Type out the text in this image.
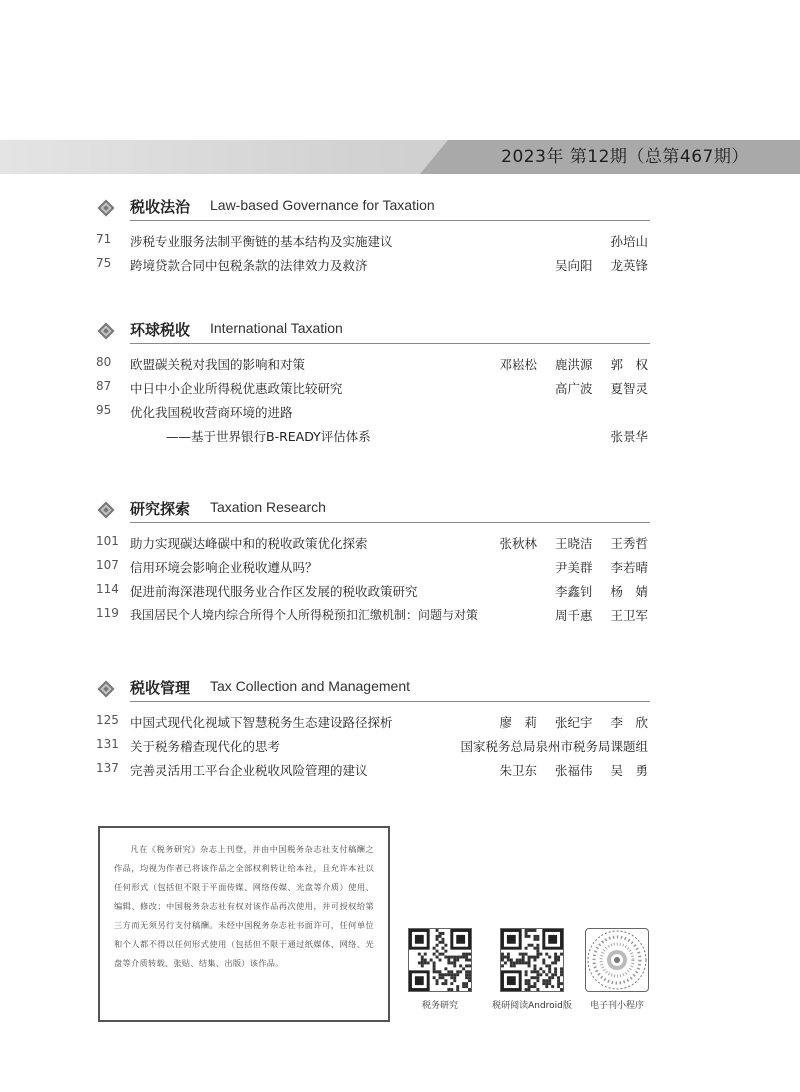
2023年 第12期（总第467期）
税收法治 Law-based Governance for Taxation
71	涉税专业服务法制平衡链的基本结构及实施建议	孙培山
75	跨境贷款合同中包税条款的法律效力及救济	吴向阳 龙英锋
环球税收 International Taxation
80	欧盟碳关税对我国的影响和对策	邓崧松 鹿洪源 郭　权
87	中日中小企业所得税优惠政策比较研究	高广波 夏智灵
95	优化我国税收营商环境的进路
——基于世界银行B-READY评估体系	张景华
研究探索 Taxation Research
101 助力实现碳达峰碳中和的税收政策优化探索	张秋林 王晓洁 王秀哲
107 信用环境会影响企业税收遵从吗？	尹美群 李若晴
114 促进前海深港现代服务业合作区发展的税收政策研究	李鑫钊 杨　婧
119 我国居民个人境内综合所得个人所得税预扣汇缴机制：问题与对策	周千惠 王卫军
税收管理 Tax Collection and Management
125 中国式现代化视域下智慧税务生态建设路径探析	廖　莉 张纪宇 李　欣
131 关于税务稽查现代化的思考	国家税务总局泉州市税务局课题组
137 完善灵活用工平台企业税收风险管理的建议	朱卫东 张福伟 吴　勇
凡在《税务研究》杂志上刊登，并由中国税务杂志社支付稿酬之作品，均视为作者已将该作品之全部权利转让给本社，且允许本社以任何形式（包括但不限于平面传媒、网络传媒、光盘等介质）使用、编辑、修改；中国税务杂志社有权对该作品再次使用，并可授权给第三方而无须另行支付稿酬。未经中国税务杂志社书面许可，任何单位和个人都不得以任何形式使用（包括但不限于通过纸媒体、网络、光盘等介质转载、张贴、结集、出版）该作品。
税务研究	税研阅读Android版	电子刊小程序
